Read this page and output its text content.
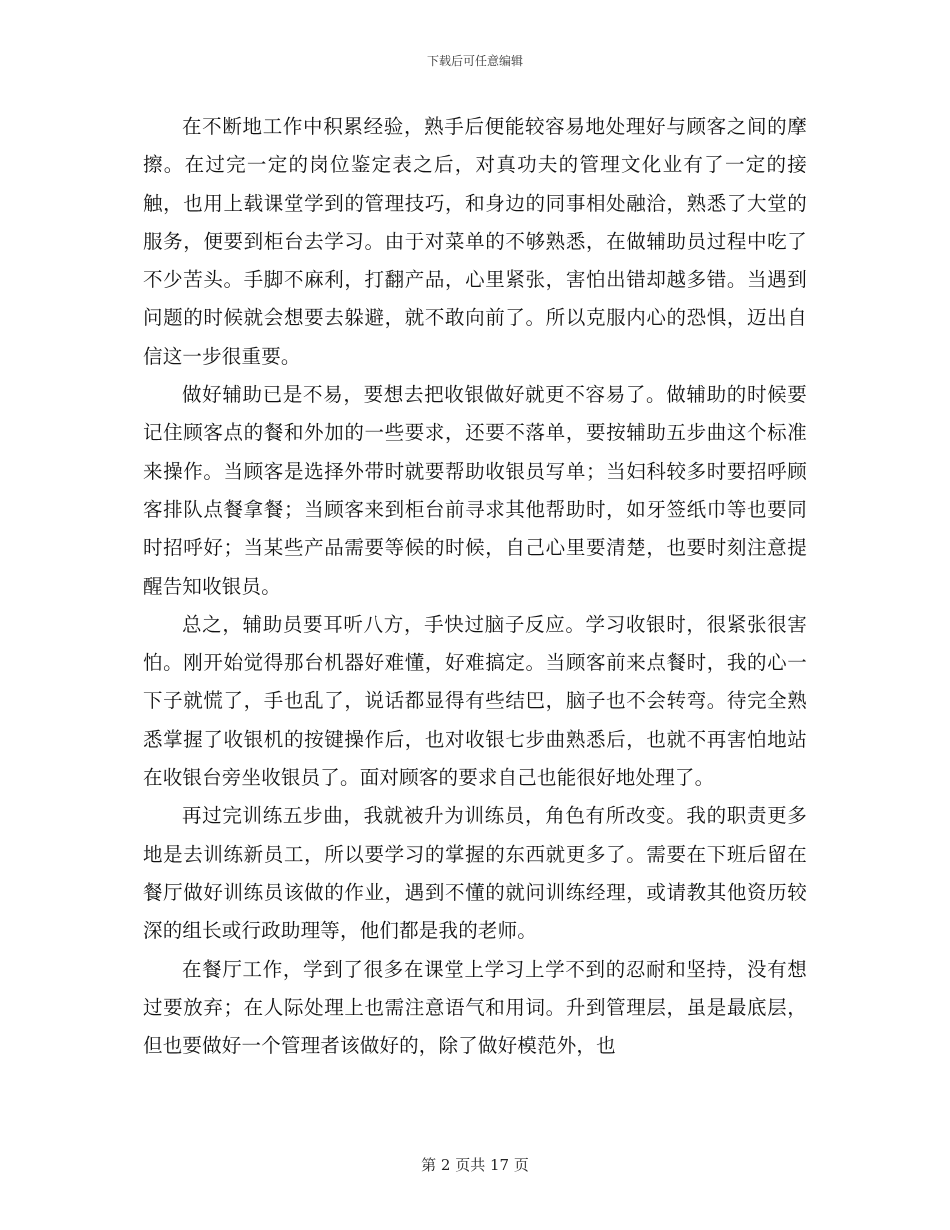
下载后可任意编辑

在不断地工作中积累经验，熟手后便能较容易地处理好与顾客之间的摩擦。在过完一定的岗位鉴定表之后，对真功夫的管理文化业有了一定的接触，也用上载课堂学到的管理技巧，和身边的同事相处融洽，熟悉了大堂的服务，便要到柜台去学习。由于对菜单的不够熟悉，在做辅助员过程中吃了不少苦头。手脚不麻利，打翻产品，心里紧张，害怕出错却越多错。当遇到问题的时候就会想要去躲避，就不敢向前了。所以克服内心的恐惧，迈出自信这一步很重要。

做好辅助已是不易，要想去把收银做好就更不容易了。做辅助的时候要记住顾客点的餐和外加的一些要求，还要不落单，要按辅助五步曲这个标准来操作。当顾客是选择外带时就要帮助收银员写单；当妇科较多时要招呼顾客排队点餐拿餐；当顾客来到柜台前寻求其他帮助时，如牙签纸巾等也要同时招呼好；当某些产品需要等候的时候，自己心里要清楚，也要时刻注意提醒告知收银员。

总之，辅助员要耳听八方，手快过脑子反应。学习收银时，很紧张很害怕。刚开始觉得那台机器好难懂，好难搞定。当顾客前来点餐时，我的心一下子就慌了，手也乱了，说话都显得有些结巴，脑子也不会转弯。待完全熟悉掌握了收银机的按键操作后，也对收银七步曲熟悉后，也就不再害怕地站在收银台旁坐收银员了。面对顾客的要求自己也能很好地处理了。

再过完训练五步曲，我就被升为训练员，角色有所改变。我的职责更多地是去训练新员工，所以要学习的掌握的东西就更多了。需要在下班后留在餐厅做好训练员该做的作业，遇到不懂的就问训练经理，或请教其他资历较深的组长或行政助理等，他们都是我的老师。

在餐厅工作，学到了很多在课堂上学习上学不到的忍耐和坚持，没有想过要放弃；在人际处理上也需注意语气和用词。升到管理层，虽是最底层，但也要做好一个管理者该做好的，除了做好模范外，也

第 2 页共 17 页
